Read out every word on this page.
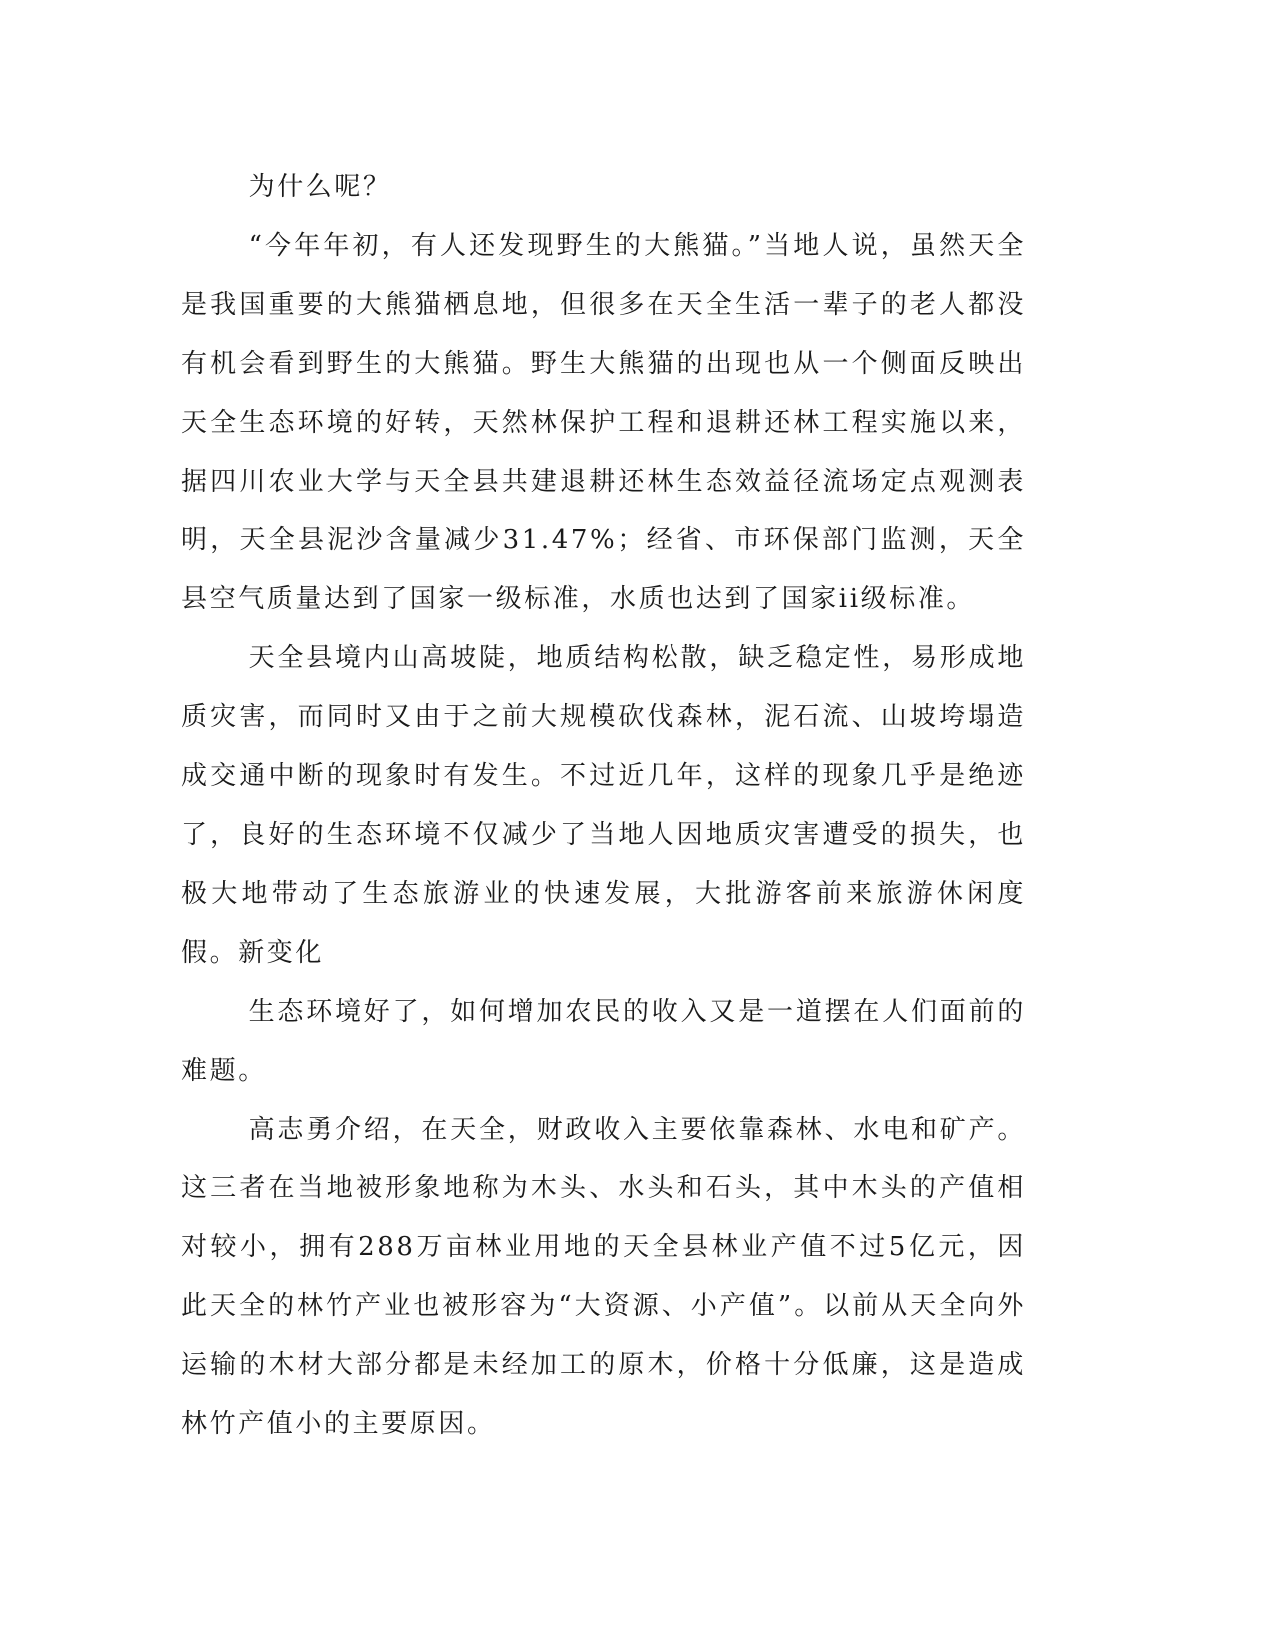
为什么呢？

“今年年初，有人还发现野生的大熊猫。”当地人说，虽然天全是我国重要的大熊猫栖息地，但很多在天全生活一辈子的老人都没有机会看到野生的大熊猫。野生大熊猫的出现也从一个侧面反映出天全生态环境的好转，天然林保护工程和退耕还林工程实施以来，据四川农业大学与天全县共建退耕还林生态效益径流场定点观测表明，天全县泥沙含量减少31.47%；经省、市环保部门监测，天全县空气质量达到了国家一级标准，水质也达到了国家ii级标准。

天全县境内山高坡陡，地质结构松散，缺乏稳定性，易形成地质灾害，而同时又由于之前大规模砍伐森林，泥石流、山坡垮塌造成交通中断的现象时有发生。不过近几年，这样的现象几乎是绝迹了，良好的生态环境不仅减少了当地人因地质灾害遭受的损失，也极大地带动了生态旅游业的快速发展，大批游客前来旅游休闲度假。新变化

生态环境好了，如何增加农民的收入又是一道摆在人们面前的难题。

高志勇介绍，在天全，财政收入主要依靠森林、水电和矿产。这三者在当地被形象地称为木头、水头和石头，其中木头的产值相对较小，拥有288万亩林业用地的天全县林业产值不过5亿元，因此天全的林竹产业也被形容为“大资源、小产值”。以前从天全向外运输的木材大部分都是未经加工的原木，价格十分低廉，这是造成林竹产值小的主要原因。
